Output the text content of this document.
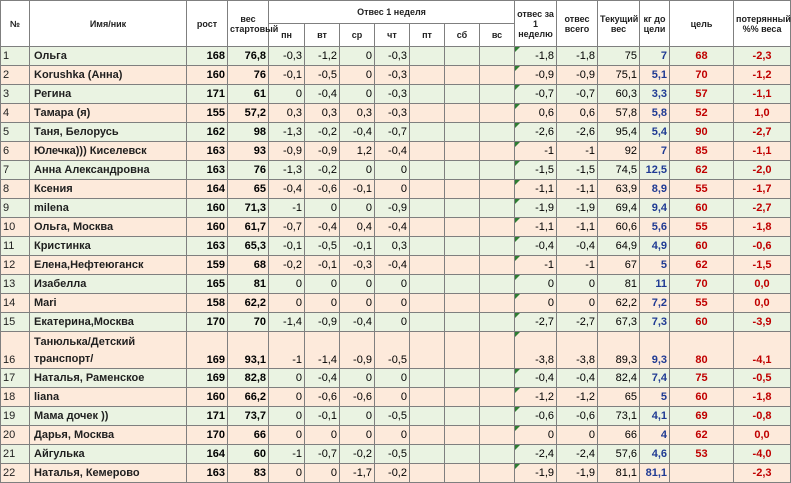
№	Имя/ник	рост	вес стартовый	Отвес 1 неделя							отвес за 1 неделю	отвес всего	Текущий вес	кг до цели	цель	потерянный %% веса
				пн	вт	ср	чт	пт	сб	вс						
1	Ольга	168	76,8	-0,3	-1,2	0	-0,3				-1,8	-1,8	75	7	68	-2,3
2	Korushka (Анна)	160	76	-0,1	-0,5	0	-0,3				-0,9	-0,9	75,1	5,1	70	-1,2
3	Регина	171	61	0	-0,4	0	-0,3				-0,7	-0,7	60,3	3,3	57	-1,1
4	Тамара (я)	155	57,2	0,3	0,3	0,3	-0,3				0,6	0,6	57,8	5,8	52	1,0
5	Таня, Белорусь	162	98	-1,3	-0,2	-0,4	-0,7				-2,6	-2,6	95,4	5,4	90	-2,7
6	Юлечка))) Киселевск	163	93	-0,9	-0,9	1,2	-0,4				-1	-1	92	7	85	-1,1
7	Анна Александровна	163	76	-1,3	-0,2	0	0				-1,5	-1,5	74,5	12,5	62	-2,0
8	Ксения	164	65	-0,4	-0,6	-0,1	0				-1,1	-1,1	63,9	8,9	55	-1,7
9	milena	160	71,3	-1	0	0	-0,9				-1,9	-1,9	69,4	9,4	60	-2,7
10	Ольга, Москва	160	61,7	-0,7	-0,4	0,4	-0,4				-1,1	-1,1	60,6	5,6	55	-1,8
11	Кристинка	163	65,3	-0,1	-0,5	-0,1	0,3				-0,4	-0,4	64,9	4,9	60	-0,6
12	Елена,Нефтеюганск	159	68	-0,2	-0,1	-0,3	-0,4				-1	-1	67	5	62	-1,5
13	Изабелла	165	81	0	0	0	0				0	0	81	11	70	0,0
14	Mari	158	62,2	0	0	0	0				0	0	62,2	7,2	55	0,0
15	Екатерина,Москва	170	70	-1,4	-0,9	-0,4	0				-2,7	-2,7	67,3	7,3	60	-3,9
16	Танюлька/Детский транспорт/	169	93,1	-1	-1,4	-0,9	-0,5				-3,8	-3,8	89,3	9,3	80	-4,1
17	Наталья, Раменское	169	82,8	0	-0,4	0	0				-0,4	-0,4	82,4	7,4	75	-0,5
18	liana	160	66,2	0	-0,6	-0,6	0				-1,2	-1,2	65	5	60	-1,8
19	Мама дочек ))	171	73,7	0	-0,1	0	-0,5				-0,6	-0,6	73,1	4,1	69	-0,8
20	Дарья, Москва	170	66	0	0	0	0				0	0	66	4	62	0,0
21	Айгулька	164	60	-1	-0,7	-0,2	-0,5				-2,4	-2,4	57,6	4,6	53	-4,0
22	Наталья, Кемерово	163	83	0	0	-1,7	-0,2				-1,9	-1,9	81,1	81,1		-2,3
